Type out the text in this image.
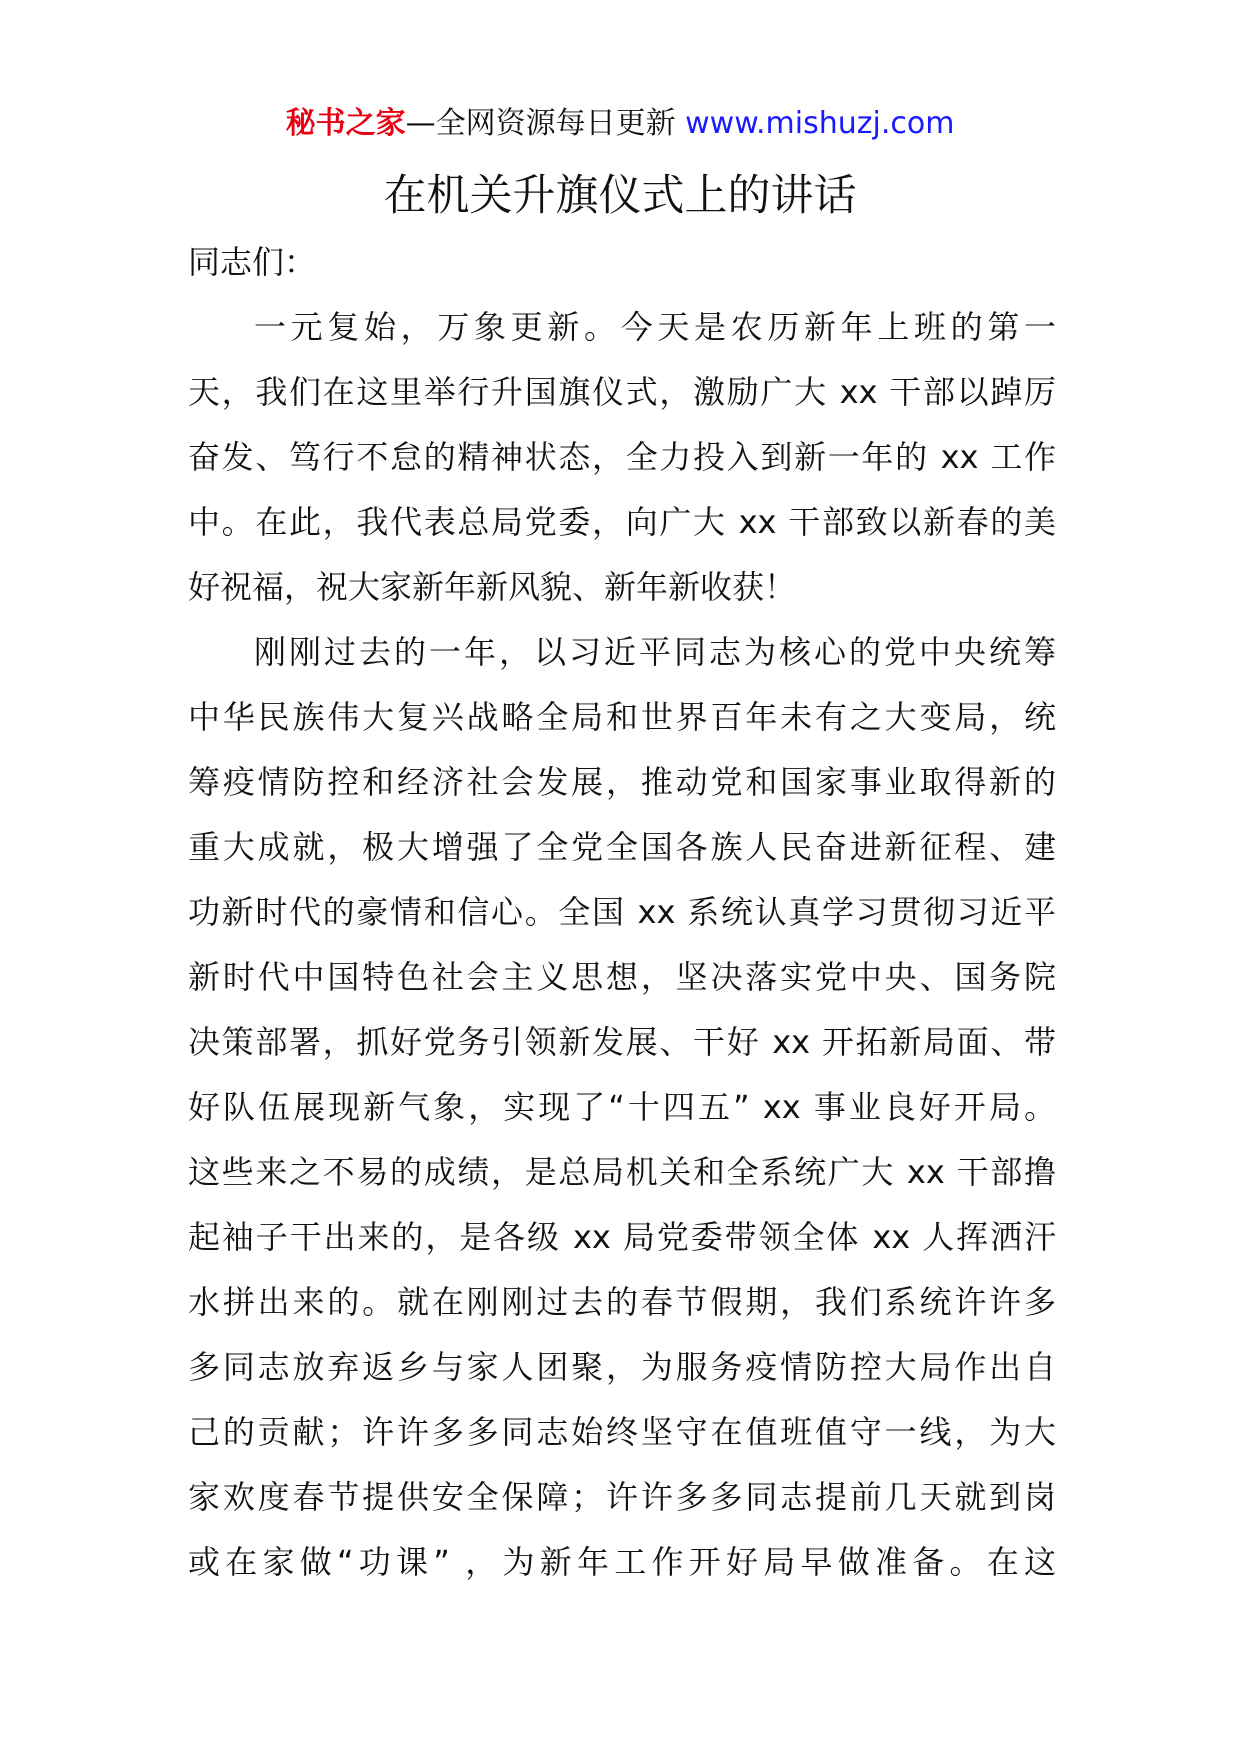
秘书之家—全网资源每日更新 www.mishuzj.com
在机关升旗仪式上的讲话
同志们：
一元复始，万象更新。今天是农历新年上班的第一
天，我们在这里举行升国旗仪式，激励广大 xx 干部以踔厉
奋发、笃行不怠的精神状态，全力投入到新一年的 xx 工作
中。在此，我代表总局党委，向广大 xx 干部致以新春的美
好祝福，祝大家新年新风貌、新年新收获！
刚刚过去的一年，以习近平同志为核心的党中央统筹
中华民族伟大复兴战略全局和世界百年未有之大变局，统
筹疫情防控和经济社会发展，推动党和国家事业取得新的
重大成就，极大增强了全党全国各族人民奋进新征程、建
功新时代的豪情和信心。全国 xx 系统认真学习贯彻习近平
新时代中国特色社会主义思想，坚决落实党中央、国务院
决策部署，抓好党务引领新发展、干好 xx 开拓新局面、带
好队伍展现新气象，实现了“十四五” xx 事业良好开局。
这些来之不易的成绩，是总局机关和全系统广大 xx 干部撸
起袖子干出来的，是各级 xx 局党委带领全体 xx 人挥洒汗
水拼出来的。就在刚刚过去的春节假期，我们系统许许多
多同志放弃返乡与家人团聚，为服务疫情防控大局作出自
己的贡献；许许多多同志始终坚守在值班值守一线，为大
家欢度春节提供安全保障；许许多多同志提前几天就到岗
或在家做“功课” ，为新年工作开好局早做准备。在这
